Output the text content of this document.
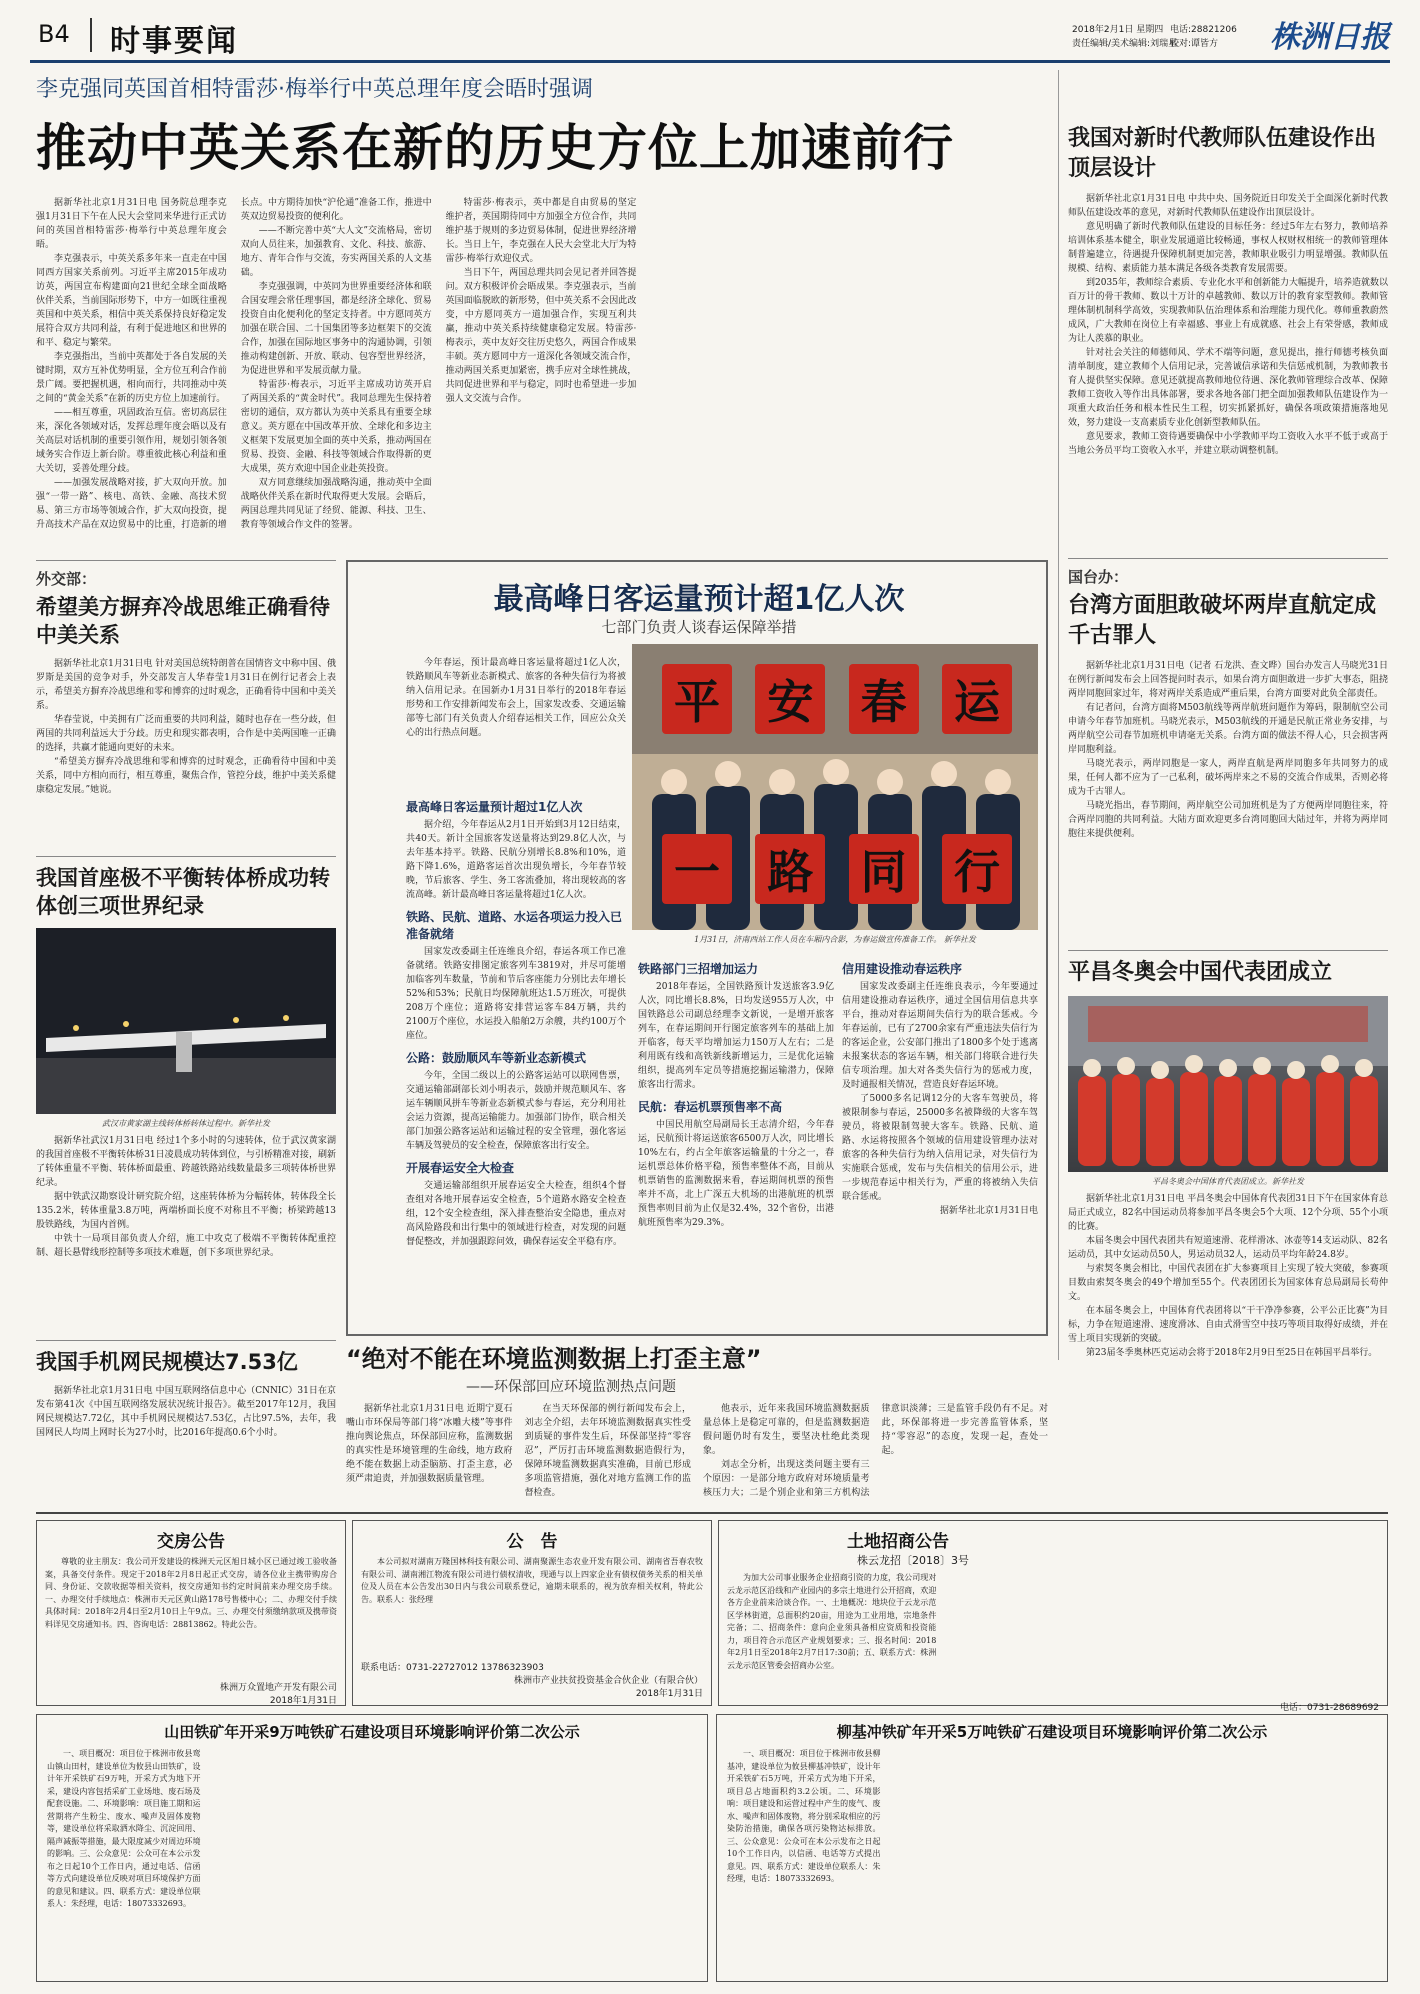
B4 时事要闻	2018年2月1日 星期四 电话:28821206
责任编辑/美术编辑:刘瑞星
校对:谭皆方 株洲日报
李克强同英国首相特雷莎·梅举行中英总理年度会晤时强调
推动中英关系在新的历史方位上加速前行

据新华社北京1月31日电 国务院总理李克强1月31日下午在人民大会堂同来华进行正式访问的英国首相特雷莎·梅举行中英总理年度会晤。

李克强表示，中英关系多年来一直走在中国同西方国家关系前列。习近平主席2015年成功访英，两国宣布构建面向21世纪全球全面战略伙伴关系，当前国际形势下，中方一如既往重视英国和中英关系，相信中英关系保持良好稳定发展符合双方共同利益，有利于促进地区和世界的和平、稳定与繁荣。

李克强指出，当前中英都处于各自发展的关键时期，双方互补优势明显，全方位互利合作前景广阔。要把握机遇，相向而行，共同推动中英之间的“黄金关系”在新的历史方位上加速前行。

——相互尊重，巩固政治互信。密切高层往来，深化各领域对话，发挥总理年度会晤以及有关高层对话机制的重要引领作用，规划引领各领域务实合作迈上新台阶。尊重彼此核心利益和重大关切，妥善处理分歧。

——加强发展战略对接，扩大双向开放。加强“一带一路”、核电、高铁、金融、高技术贸易、第三方市场等领域合作，扩大双向投资，提升高技术产品在双边贸易中的比重，打造新的增长点。中方期待加快“沪伦通”准备工作，推进中英双边贸易投资的便利化。

——不断完善中英“大人文”交流格局，密切双向人员往来，加强教育、文化、科技、旅游、地方、青年合作与交流，夯实两国关系的人文基础。

李克强强调，中英同为世界重要经济体和联合国安理会常任理事国，都是经济全球化、贸易投资自由化便利化的坚定支持者。中方愿同英方加强在联合国、二十国集团等多边框架下的交流合作，加强在国际地区事务中的沟通协调，引领推动构建创新、开放、联动、包容型世界经济，为促进世界和平发展贡献力量。

特雷莎·梅表示，习近平主席成功访英开启了两国关系的“黄金时代”。我同总理先生保持着密切的通信，双方都认为英中关系具有重要全球意义。英方愿在中国改革开放、全球化和多边主义框架下发展更加全面的英中关系，推动两国在贸易、投资、金融、科技等领域合作取得新的更大成果，英方欢迎中国企业赴英投资。

双方同意继续加强战略沟通，推动英中全面战略伙伴关系在新时代取得更大发展。会晤后，两国总理共同见证了经贸、能源、科技、卫生、教育等领域合作文件的签署。

特雷莎·梅表示，英中都是自由贸易的坚定维护者，英国期待同中方加强全方位合作，共同维护基于规则的多边贸易体制，促进世界经济增长。当日上午，李克强在人民大会堂北大厅为特雷莎·梅举行欢迎仪式。

当日下午，两国总理共同会见记者并回答提问。双方积极评价会晤成果。李克强表示，当前英国面临脱欧的新形势，但中英关系不会因此改变，中方愿同英方一道加强合作，实现互利共赢，推动中英关系持续健康稳定发展。特雷莎·梅表示，英中友好交往历史悠久，两国合作成果丰硕。英方愿同中方一道深化各领域交流合作，推动两国关系更加紧密，携手应对全球性挑战，共同促进世界和平与稳定，同时也希望进一步加强人文交流与合作。

我国对新时代教师队伍建设作出顶层设计

据新华社北京1月31日电 中共中央、国务院近日印发关于全面深化新时代教师队伍建设改革的意见，对新时代教师队伍建设作出顶层设计。

意见明确了新时代教师队伍建设的目标任务：经过5年左右努力，教师培养培训体系基本健全，职业发展通道比较畅通，事权人权财权相统一的教师管理体制普遍建立，待遇提升保障机制更加完善，教师职业吸引力明显增强。教师队伍规模、结构、素质能力基本满足各级各类教育发展需要。

到2035年，教师综合素质、专业化水平和创新能力大幅提升，培养造就数以百万计的骨干教师、数以十万计的卓越教师、数以万计的教育家型教师。教师管理体制机制科学高效，实现教师队伍治理体系和治理能力现代化。尊师重教蔚然成风，广大教师在岗位上有幸福感、事业上有成就感、社会上有荣誉感，教师成为让人羡慕的职业。

针对社会关注的师德师风、学术不端等问题，意见提出，推行师德考核负面清单制度，建立教师个人信用记录，完善诚信承诺和失信惩戒机制，为教师教书育人提供坚实保障。意见还就提高教师地位待遇、深化教师管理综合改革、保障教师工资收入等作出具体部署，要求各地各部门把全面加强教师队伍建设作为一项重大政治任务和根本性民生工程，切实抓紧抓好，确保各项政策措施落地见效，努力建设一支高素质专业化创新型教师队伍。

意见要求，教师工资待遇要确保中小学教师平均工资收入水平不低于或高于当地公务员平均工资收入水平，并建立联动调整机制。

国台办：
台湾方面胆敢破坏两岸直航定成千古罪人

据新华社北京1月31日电（记者 石龙洪、查文晔）国台办发言人马晓光31日在例行新闻发布会上回答提问时表示，如果台湾方面胆敢进一步扩大事态，阻挠两岸同胞回家过年，将对两岸关系造成严重后果，台湾方面要对此负全部责任。

有记者问，台湾方面将M503航线等两岸航班问题作为筹码，限制航空公司申请今年春节加班机。马晓光表示，M503航线的开通是民航正常业务安排，与两岸航空公司春节加班机申请毫无关系。台湾方面的做法不得人心，只会损害两岸同胞利益。

马晓光表示，两岸同胞是一家人，两岸直航是两岸同胞多年共同努力的成果，任何人都不应为了一己私利，破坏两岸来之不易的交流合作成果，否则必将成为千古罪人。

马晓光指出，春节期间，两岸航空公司加班机是为了方便两岸同胞往来，符合两岸同胞的共同利益。大陆方面欢迎更多台湾同胞回大陆过年，并将为两岸同胞往来提供便利。

平昌冬奥会中国代表团成立
平昌冬奥会中国体育代表团成立。新华社发

据新华社北京1月31日电 平昌冬奥会中国体育代表团31日下午在国家体育总局正式成立，82名中国运动员将参加平昌冬奥会5个大项、12个分项、55个小项的比赛。

本届冬奥会中国代表团共有短道速滑、花样滑冰、冰壶等14支运动队、82名运动员，其中女运动员50人，男运动员32人，运动员平均年龄24.8岁。

与索契冬奥会相比，中国代表团在扩大参赛项目上实现了较大突破，参赛项目数由索契冬奥会的49个增加至55个。代表团团长为国家体育总局副局长苟仲文。

在本届冬奥会上，中国体育代表团将以“干干净净参赛，公平公正比赛”为目标，力争在短道速滑、速度滑冰、自由式滑雪空中技巧等项目取得好成绩，并在雪上项目实现新的突破。

第23届冬季奥林匹克运动会将于2018年2月9日至25日在韩国平昌举行。

外交部：
希望美方摒弃冷战思维正确看待中美关系

据新华社北京1月31日电 针对美国总统特朗普在国情咨文中称中国、俄罗斯是美国的竞争对手，外交部发言人华春莹1月31日在例行记者会上表示，希望美方摒弃冷战思维和零和博弈的过时观念，正确看待中国和中美关系。

华春莹说，中美拥有广泛而重要的共同利益，随时也存在一些分歧，但两国的共同利益远大于分歧。历史和现实都表明，合作是中美两国唯一正确的选择，共赢才能通向更好的未来。

“希望美方摒弃冷战思维和零和博弈的过时观念，正确看待中国和中美关系，同中方相向而行，相互尊重，聚焦合作，管控分歧，维护中美关系健康稳定发展。”她说。

我国首座极不平衡转体桥成功转体创三项世界纪录
武汉市黄家湖主线转体桥转体过程中。新华社发

据新华社武汉1月31日电 经过1个多小时的匀速转体，位于武汉黄家湖的我国首座极不平衡转体桥31日凌晨成功转体到位，与引桥精准对接，刷新了转体重量不平衡、转体桥面最重、跨越铁路站线数量最多三项转体桥世界纪录。

据中铁武汉勘察设计研究院介绍，这座转体桥为分幅转体，转体段全长135.2米，转体重量3.8万吨，两端桥面长度不对称且不平衡；桥梁跨越13股铁路线，为国内首例。

中铁十一局项目部负责人介绍，施工中攻克了极端不平衡转体配重控制、超长悬臂线形控制等多项技术难题，创下多项世界纪录。

我国手机网民规模达7.53亿

据新华社北京1月31日电 中国互联网络信息中心（CNNIC）31日在京发布第41次《中国互联网络发展状况统计报告》。截至2017年12月，我国网民规模达7.72亿，其中手机网民规模达7.53亿，占比97.5%，去年，我国网民人均周上网时长为27小时，比2016年提高0.6个小时。

最高峰日客运量预计超1亿人次
七部门负责人谈春运保障举措

今年春运，预计最高峰日客运量将超过1亿人次，铁路顺风车等新业态新模式、旅客的各种失信行为将被纳入信用记录。在国新办1月31日举行的2018年春运形势和工作安排新闻发布会上，国家发改委、交通运输部等七部门有关负责人介绍春运相关工作，回应公众关心的出行热点问题。

平 安 春 运
一 路 同 行
1月31日，济南西站工作人员在车厢内合影，为春运做宣传准备工作。 新华社发
最高峰日客运量预计超过1亿人次

据介绍，今年春运从2月1日开始到3月12日结束，共40天。新计全国旅客发送量将达到29.8亿人次，与去年基本持平。铁路、民航分别增长8.8%和10%，道路下降1.6%，道路客运首次出现负增长，今年春节较晚，节后旅客、学生、务工客流叠加，将出现较高的客流高峰。新计最高峰日客运量将超过1亿人次。

铁路、民航、道路、水运各项运力投入已准备就绪

国家发改委副主任连维良介绍，春运各项工作已准备就绪。铁路安排图定旅客列车3819对，并尽可能增加临客列车数量，节前和节后客座能力分别比去年增长52%和53%；民航日均保障航班达1.5万班次，可提供208万个座位；道路将安排营运客车84万辆，共约2100万个座位，水运投入船舶2万余艘，共约100万个座位。

公路：鼓励顺风车等新业态新模式

今年，全国二级以上的公路客运站可以联网售票，交通运输部副部长刘小明表示，鼓励并规范顺风车、客运车辆顺风拼车等新业态新模式参与春运，充分利用社会运力资源，提高运输能力。加强部门协作，联合相关部门加强公路客运站和运输过程的安全管理，强化客运车辆及驾驶员的安全检查，保障旅客出行安全。

开展春运安全大检查

交通运输部组织开展春运安全大检查，组织4个督查组对各地开展春运安全检查，5个道路水路安全检查组，12个安全检查组，深入排查整治安全隐患，重点对高风险路段和出行集中的领域进行检查，对发现的问题督促整改，并加强跟踪问效，确保春运安全平稳有序。

铁路部门三招增加运力

2018年春运，全国铁路预计发送旅客3.9亿人次，同比增长8.8%，日均发送955万人次，中国铁路总公司副总经理李文新说，一是增开旅客列车，在春运期间开行图定旅客列车的基础上加开临客，每天平均增加运力150万人左右；二是利用既有线和高铁新线新增运力，三是优化运输组织，提高列车定员等措施挖掘运输潜力，保障旅客出行需求。

民航：春运机票预售率不高

中国民用航空局副局长王志清介绍，今年春运，民航预计将运送旅客6500万人次，同比增长10%左右，约占全年旅客运输量的十分之一，春运机票总体价格平稳，预售率整体不高，目前从机票销售的监测数据来看，春运期间机票的预售率并不高，北上广深五大机场的出港航班的机票预售率则目前为止仅是32.4%，32个省份，出港航班预售率为29.3%。

信用建设推动春运秩序

国家发改委副主任连维良表示，今年要通过信用建设推动春运秩序，通过全国信用信息共享平台，推动对春运期间失信行为的联合惩戒。今年春运前，已有了2700余家有严重违法失信行为的客运企业，公安部门推出了1800多个处于逃离未报案状态的客运车辆，相关部门将联合进行失信专项治理。加大对各类失信行为的惩戒力度，及时通报相关情况，营造良好春运环境。

了5000多名记调12分的大客车驾驶员，将被限制参与春运，25000多名被降级的大客车驾驶员，将被限制驾驶大客车。铁路、民航、道路、水运将按照各个领域的信用建设管理办法对旅客的各种失信行为纳入信用记录，对失信行为实施联合惩戒，发布与失信相关的信用公示，进一步规范春运中相关行为，严重的将被纳入失信联合惩戒。

据新华社北京1月31日电

“绝对不能在环境监测数据上打歪主意”
——环保部回应环境监测热点问题

据新华社北京1月31日电 近期宁夏石嘴山市环保局等部门将“冰雕大楼”等事件推向舆论焦点，环保部回应称，监测数据的真实性是环境管理的生命线，地方政府绝不能在数据上动歪脑筋、打歪主意，必须严肃追责，并加强数据质量管理。

在当天环保部的例行新闻发布会上，刘志全介绍，去年环境监测数据真实性受到质疑的事件发生后，环保部坚持“零容忍”，严厉打击环境监测数据造假行为，保障环境监测数据真实准确，目前已形成多项监管措施，强化对地方监测工作的监督检查。

他表示，近年来我国环境监测数据质量总体上是稳定可靠的，但是监测数据造假问题仍时有发生，要坚决杜绝此类现象。

刘志全分析，出现这类问题主要有三个原因：一是部分地方政府对环境质量考核压力大；二是个别企业和第三方机构法律意识淡薄；三是监管手段仍有不足。对此，环保部将进一步完善监管体系，坚持“零容忍”的态度，发现一起，查处一起。

交房公告

尊敬的业主朋友：我公司开发建设的株洲天元区旭日城小区已通过竣工验收备案，具备交付条件。现定于2018年2月8日起正式交房，请各位业主携带购房合同、身份证、交款收据等相关资料，按交房通知书约定时间前来办理交房手续。一、办理交付手续地点：株洲市天元区黄山路178号售楼中心；二、办理交付手续具体时间：2018年2月4日至2月10日上午9点。三、办理交付须缴纳款项及携带资料详见交房通知书。四、咨询电话：28813862。特此公告。

株洲万众置地产开发有限公司
2018年1月31日
公　告

本公司拟对湖南万隆国林科技有限公司、湖南聚源生态农业开发有限公司、湖南省吾春农牧有限公司、湖南湘江物流有限公司进行债权清收，现通与以上四家企业有债权债务关系的相关单位及人员在本公告发出30日内与我公司联系登记，逾期未联系的，视为放弃相关权利，特此公告。联系人：张经理

联系电话：0731-22727012 13786323903
株洲市产业扶贫投资基金合伙企业（有限合伙）
2018年1月31日
土地招商公告
株云龙招〔2018〕3号

为加大公司事业服务企业招商引资的力度，我公司现对云龙示范区沿线和产业园内的多宗土地进行公开招商，欢迎各方企业前来洽谈合作。一、土地概况：地块位于云龙示范区学林街道，总面积约20亩，用途为工业用地，宗地条件完备；二、招商条件：意向企业须具备相应资质和投资能力，项目符合示范区产业规划要求；三、报名时间：2018年2月1日至2018年2月7日17:30前；五、联系方式：株洲云龙示范区管委会招商办公室。

电话：0731-28689692
山田铁矿年开采9万吨铁矿石建设项目环境影响评价第二次公示

一、项目概况：项目位于株洲市攸县鸾山镇山田村，建设单位为攸县山田铁矿，设计年开采铁矿石9万吨，开采方式为地下开采，建设内容包括采矿工业场地、废石场及配套设施。二、环境影响：项目施工期和运营期将产生粉尘、废水、噪声及固体废物等，建设单位将采取洒水降尘、沉淀回用、隔声减振等措施，最大限度减少对周边环境的影响。三、公众意见：公众可在本公示发布之日起10个工作日内，通过电话、信函等方式向建设单位反映对项目环境保护方面的意见和建议。四、联系方式：建设单位联系人：朱经理，电话：18073332693。

柳基冲铁矿年开采5万吨铁矿石建设项目环境影响评价第二次公示

一、项目概况：项目位于株洲市攸县柳基冲，建设单位为攸县柳基冲铁矿，设计年开采铁矿石5万吨，开采方式为地下开采，项目总占地面积约3.2公顷。二、环境影响：项目建设和运营过程中产生的废气、废水、噪声和固体废物，将分别采取相应的污染防治措施，确保各项污染物达标排放。三、公众意见：公众可在本公示发布之日起10个工作日内，以信函、电话等方式提出意见。四、联系方式：建设单位联系人：朱经理，电话：18073332693。
